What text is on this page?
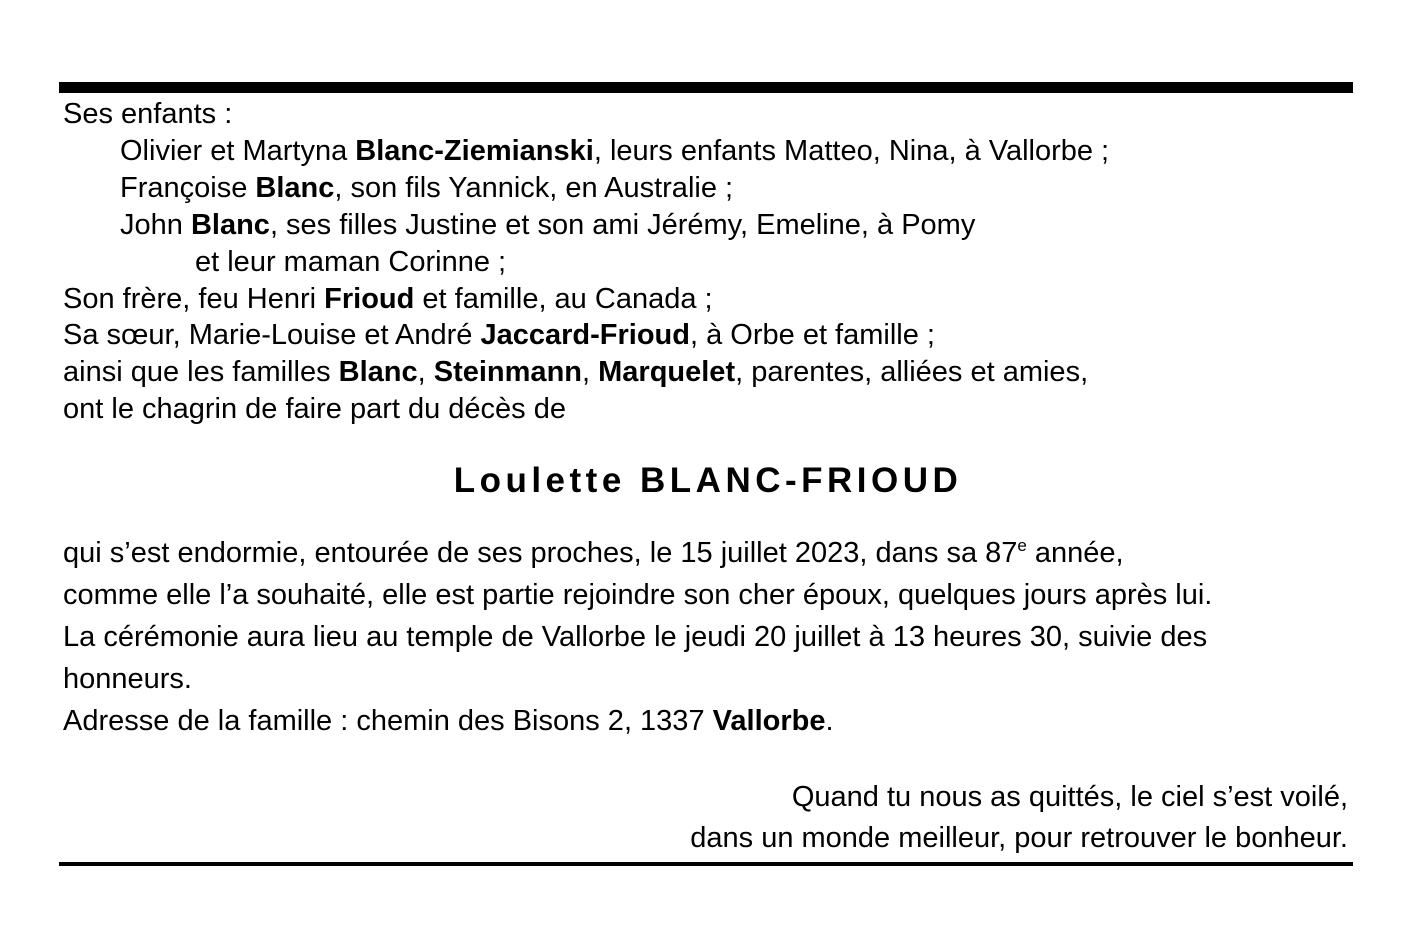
Ses enfants :
Olivier et Martyna Blanc-Ziemianski, leurs enfants Matteo, Nina, à Vallorbe ;
Françoise Blanc, son fils Yannick, en Australie ;
John Blanc, ses filles Justine et son ami Jérémy, Emeline, à Pomy
et leur maman Corinne ;
Son frère, feu Henri Frioud et famille, au Canada ;
Sa sœur, Marie-Louise et André Jaccard-Frioud, à Orbe et famille ;
ainsi que les familles Blanc, Steinmann, Marquelet, parentes, alliées et amies,
ont le chagrin de faire part du décès de
Loulette BLANC-FRIOUD
qui s’est endormie, entourée de ses proches, le 15 juillet 2023, dans sa 87e année,
comme elle l’a souhaité, elle est partie rejoindre son cher époux, quelques jours après lui.
La cérémonie aura lieu au temple de Vallorbe le jeudi 20 juillet à 13 heures 30, suivie des
honneurs.
Adresse de la famille : chemin des Bisons 2, 1337 Vallorbe.
Quand tu nous as quittés, le ciel s’est voilé,
dans un monde meilleur, pour retrouver le bonheur.
